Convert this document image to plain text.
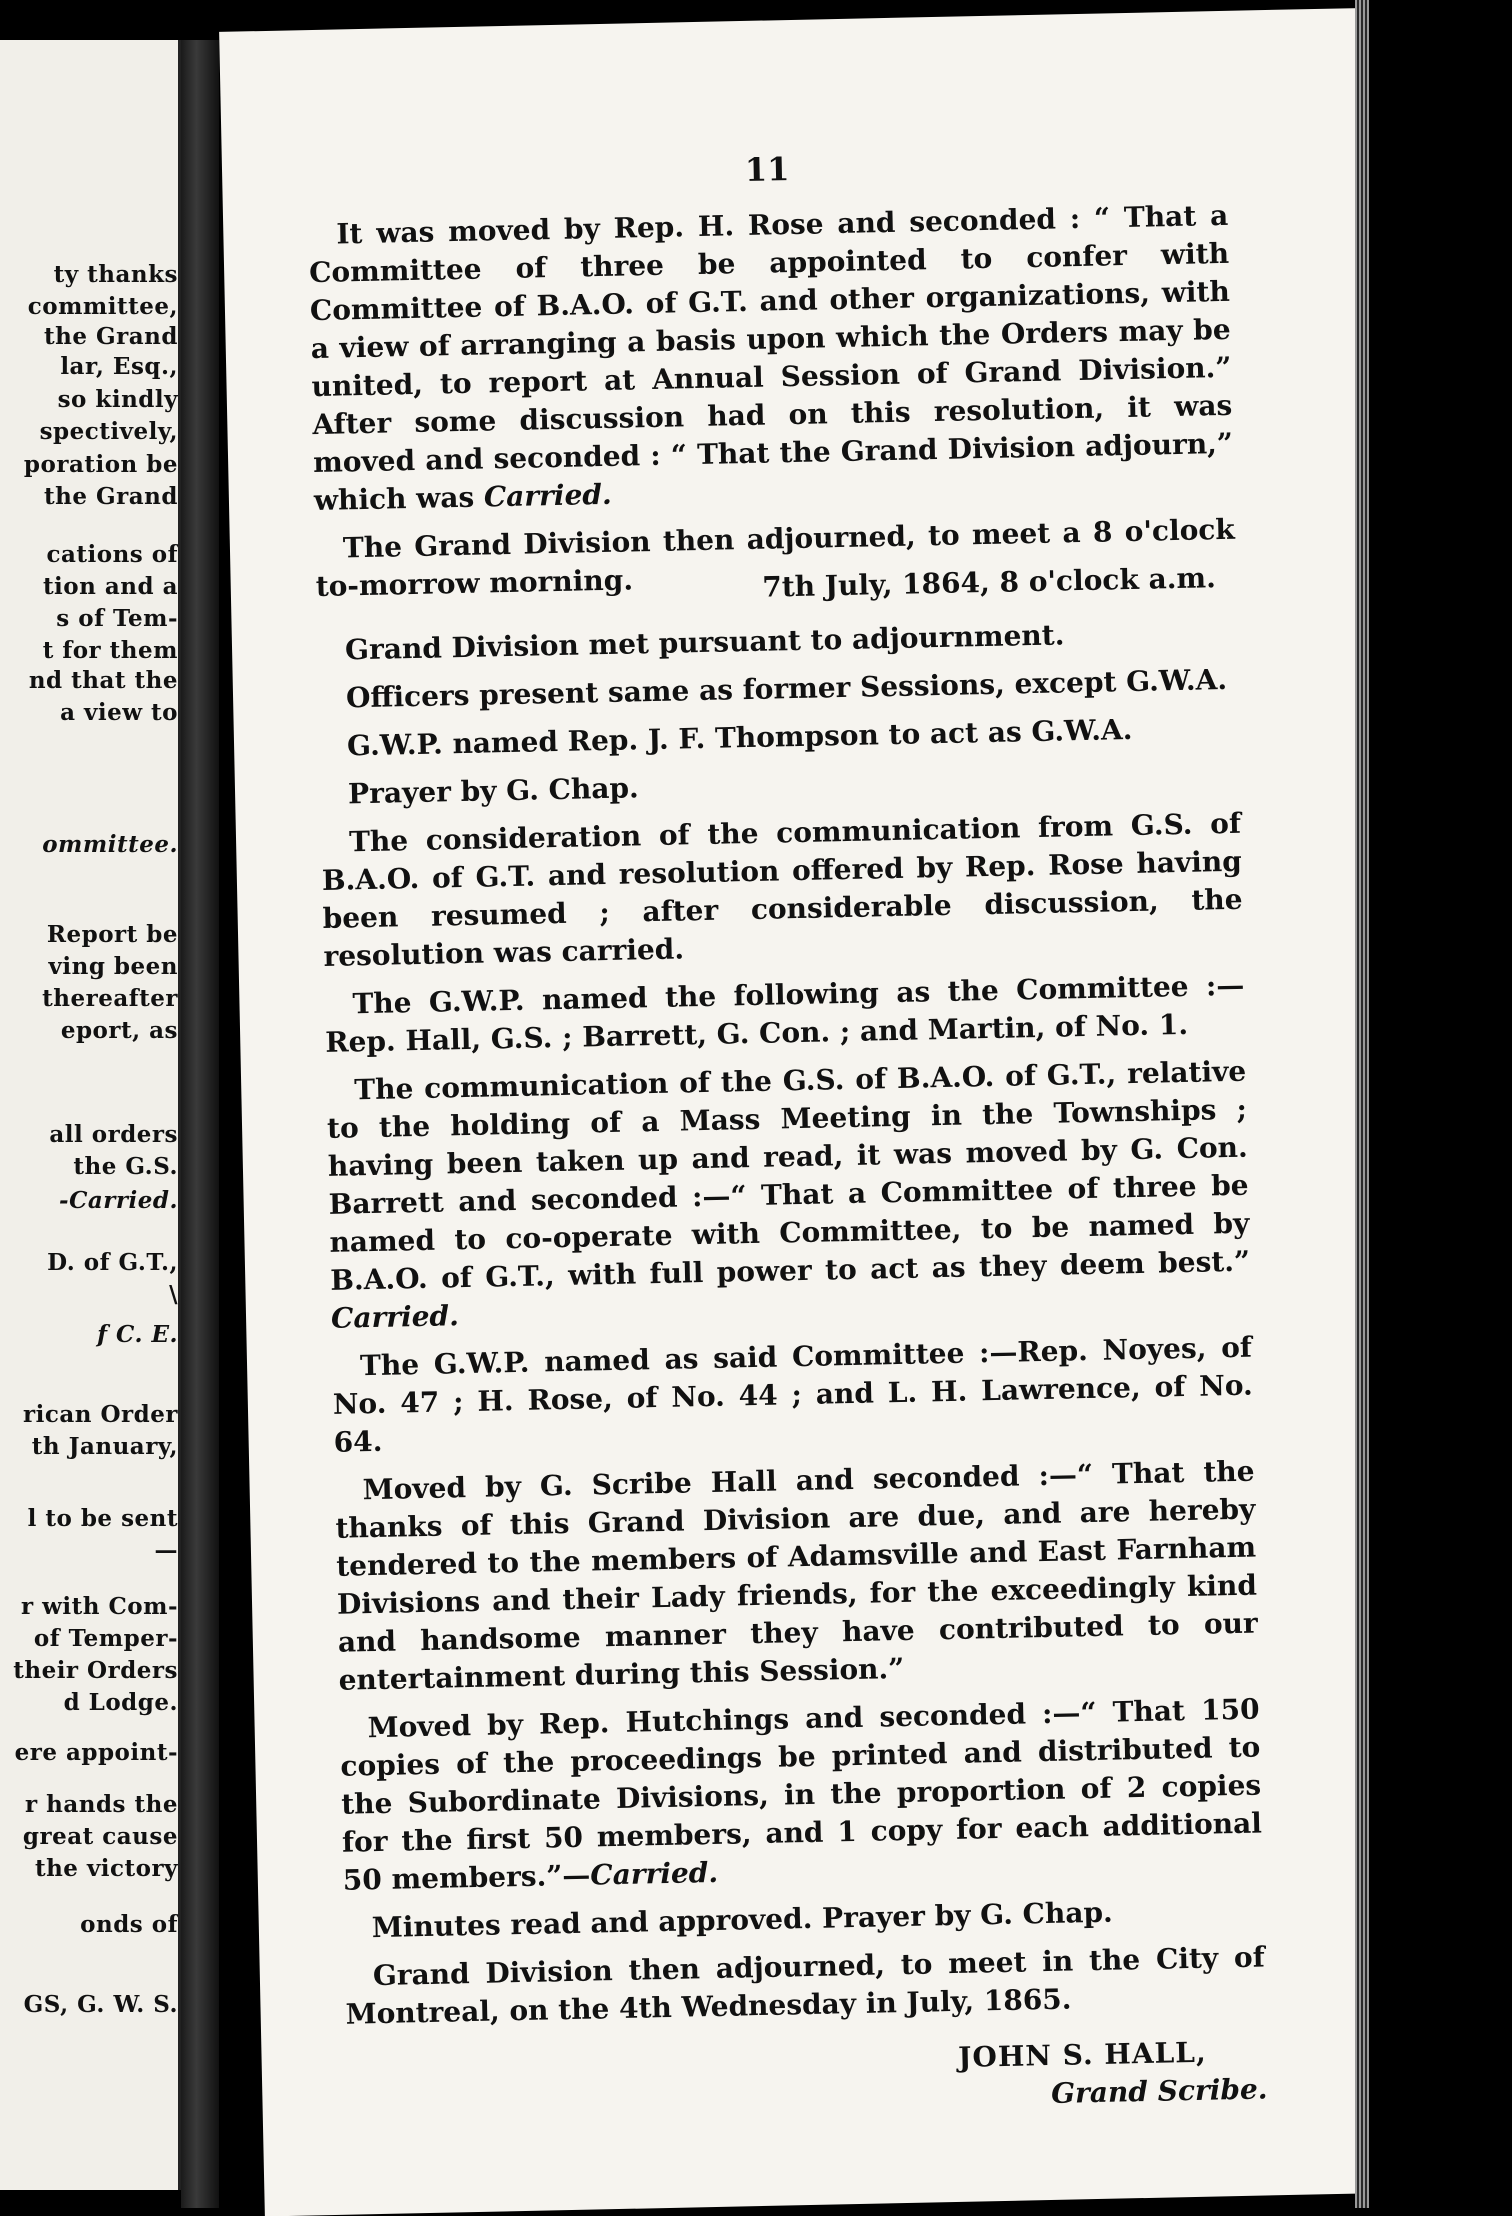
ty thanks
committee,
the Grand
lar, Esq.,
so kindly
spectively,
poration be
the Grand
cations of
tion and a
s of Tem-
t for them
nd that the
a view to
ommittee.
Report be
ving been
thereafter
eport, as
all orders
the G.S.
-Carried.
D. of G.T.,
\
f C. E.
rican Order
th January,
l to be sent
—
r with Com-
of Temper-
their Orders
d Lodge.
ere appoint-
r hands the
great cause
the victory
onds of
GS, G. W. S.
11

It was moved by Rep. H. Rose and seconded : “ That a Committee of three be appointed to confer with Committee of B.A.O. of G.T. and other organizations, with a view of arranging a basis upon which the Orders may be united, to report at Annual Session of Grand Division.” After some discussion had on this resolution, it was moved and seconded : “ That the Grand Division adjourn,” which was Carried.

The Grand Division then adjourned, to meet a 8 o'clock to-morrow morning.	7th July, 1864, 8 o'clock a.m.

Grand Division met pursuant to adjournment.

Officers present same as former Sessions, except G.W.A.

G.W.P. named Rep. J. F. Thompson to act as G.W.A.

Prayer by G. Chap.

The consideration of the communication from G.S. of B.A.O. of G.T. and resolution offered by Rep. Rose having been resumed ; after considerable discussion, the resolution was carried.

The G.W.P. named the following as the Committee :—Rep. Hall, G.S. ; Barrett, G. Con. ; and Martin, of No. 1.

The communication of the G.S. of B.A.O. of G.T., relative to the holding of a Mass Meeting in the Townships ; having been taken up and read, it was moved by G. Con. Barrett and seconded :—“ That a Committee of three be named to co-operate with Committee, to be named by B.A.O. of G.T., with full power to act as they deem best.” Carried.

The G.W.P. named as said Committee :—Rep. Noyes, of No. 47 ; H. Rose, of No. 44 ; and L. H. Lawrence, of No. 64.

Moved by G. Scribe Hall and seconded :—“ That the thanks of this Grand Division are due, and are hereby tendered to the members of Adamsville and East Farnham Divisions and their Lady friends, for the exceedingly kind and handsome manner they have contributed to our entertainment during this Session.”

Moved by Rep. Hutchings and seconded :—“ That 150 copies of the proceedings be printed and distributed to the Subordinate Divisions, in the proportion of 2 copies for the first 50 members, and 1 copy for each additional 50 members.”—Carried.

Minutes read and approved. Prayer by G. Chap.

Grand Division then adjourned, to meet in the City of Montreal, on the 4th Wednesday in July, 1865.

JOHN S. HALL,
Grand Scribe.
